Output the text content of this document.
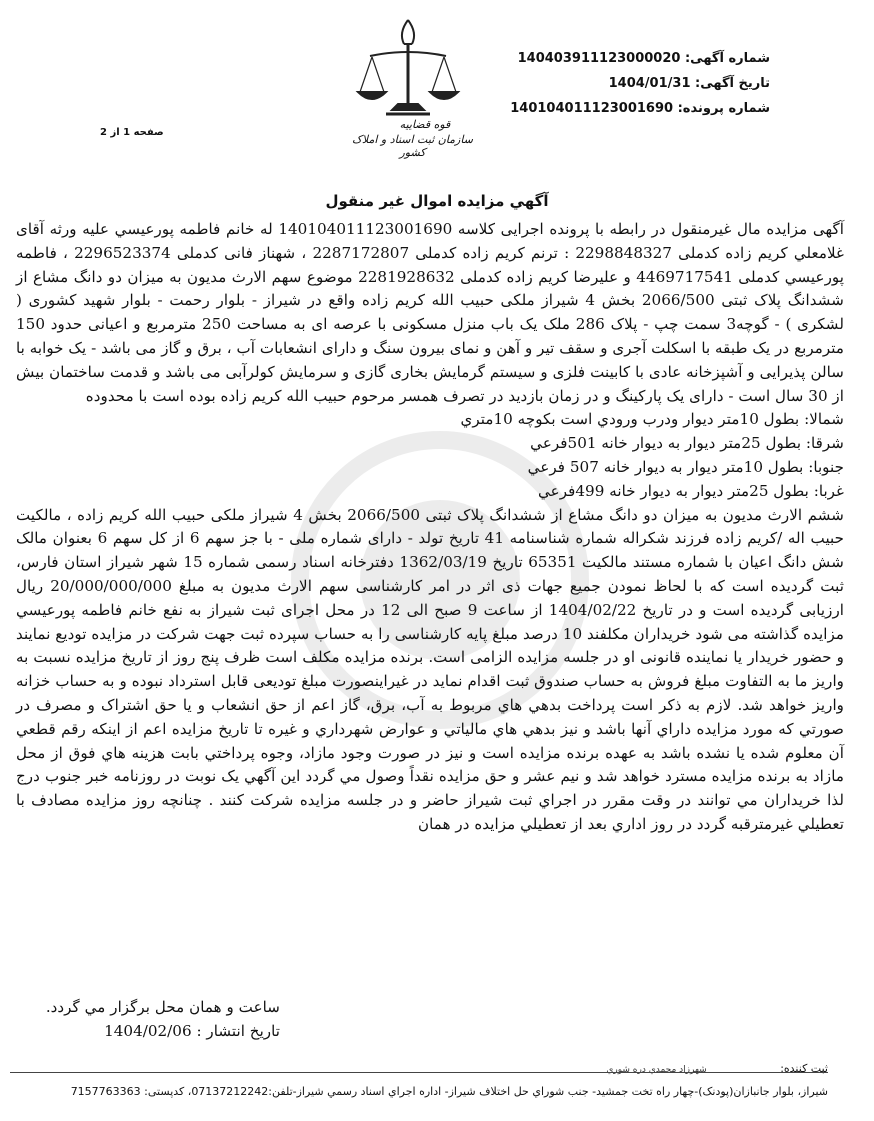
شماره آگهی: 140403911123000020
تاریخ آگهی: 1404/01/31
شماره پرونده: 140104011123001690
قوه قضاییه
سازمان ثبت اسناد و املاک کشور
صفحه 1 از 2
آگهي مزايده اموال غير منقول

آگهی مزایده مال غیرمنقول در رابطه با پرونده اجرایی کلاسه 140104011123001690 له خانم فاطمه پورعیسي علیه ورثه آقای غلامعلي کریم زاده کدملی 2298848327 : ترنم کریم زاده کدملی 2287172807 ، شهناز فانی کدملی 2296523374 ، فاطمه پورعیسي کدملی 4469717541 و علیرضا کریم زاده کدملی 2281928632 موضوع سهم الارث مدیون به میزان دو دانگ مشاع از ششدانگ پلاک ثبتی 2066/500 بخش 4 شیراز ملکی حبیب الله کریم زاده واقع در شیراز - بلوار رحمت - بلوار شهید کشوری ( لشکری ) - گوچه3 سمت چپ - پلاک 286 ملک یک باب منزل مسکونی با عرصه ای به مساحت 250 مترمربع و اعیانی حدود 150 مترمربع در یک طبقه با اسکلت آجری و سقف تیر و آهن و نمای بیرون سنگ و دارای انشعابات آب ، برق و گاز می باشد - یک خوابه با سالن پذیرایی و آشپزخانه عادی با کابینت فلزی و سیستم گرمایش بخاری گازی و سرمایش کولرآبی می باشد و قدمت ساختمان بیش از 30 سال است - دارای یک پارکینگ و در زمان بازدید در تصرف همسر مرحوم حبیب الله کریم زاده بوده است با محدوده

شمالا: بطول 10متر ديوار ودرب ورودي است بكوچه 10متري

شرقا: بطول 25متر ديوار به ديوار خانه 501فرعي

جنوبا: بطول 10متر ديوار به ديوار خانه 507 فرعي

غربا: بطول 25متر ديوار به ديوار خانه 499فرعي

ششم الارث مدیون به میزان دو دانگ مشاع از ششدانگ پلاک ثبتی 2066/500 بخش 4 شیراز ملکی حبیب الله کریم زاده ، مالکیت حبیب اله /کریم زاده فرزند شکراله شماره شناسنامه 41 تاریخ تولد - دارای شماره ملی - با جز سهم 6 از کل سهم 6 بعنوان مالک شش دانگ اعیان با شماره مستند مالکیت 65351 تاریخ 1362/03/19 دفترخانه اسناد رسمی شماره 15 شهر شیراز استان فارس، ثبت گردیده است که با لحاظ نمودن جمیع جهات ذی اثر در امر کارشناسی سهم الارث مدیون به مبلغ 20/000/000/000 ریال ارزیابی گردیده است و در تاریخ 1404/02/22 از ساعت 9 صبح الی 12 در محل اجرای ثبت شیراز به نفع خانم فاطمه پورعیسي مزایده گذاشته می شود خریداران مکلفند 10 درصد مبلغ پایه کارشناسی را به حساب سپرده ثبت جهت شرکت در مزایده تودیع نمایند و حضور خریدار یا نماینده قانونی او در جلسه مزایده الزامی است. برنده مزایده مکلف است ظرف پنج روز از تاریخ مزایده نسبت به واریز ما به التفاوت مبلغ فروش به حساب صندوق ثبت اقدام نماید در غیراینصورت مبلغ تودیعی قابل استرداد نبوده و به حساب خزانه واریز خواهد شد. لازم به ذكر است پرداخت بدهي هاي مربوط به آب، برق، گاز اعم از حق انشعاب و يا حق اشتراک و مصرف در صورتي كه مورد مزايده داراي آنها باشد و نيز بدهي هاي مالياتي و عوارض شهرداري و غيره تا تاريخ مزايده اعم از اينكه رقم قطعي آن معلوم شده يا نشده باشد به عهده برنده مزايده است و نيز در صورت وجود مازاد، وجوه پرداختي بابت هزينه هاي فوق از محل مازاد به برنده مزايده مسترد خواهد شد و نيم عشر و حق مزايده نقداً وصول مي گردد اين آگهي يک نوبت در روزنامه خبر جنوب درج لذا خريداران مي توانند در وقت مقرر در اجراي ثبت شيراز حاضر و در جلسه مزايده شركت كنند . چنانچه روز مزايده مصادف با تعطيلي غيرمترقبه گردد در روز اداري بعد از تعطيلي مزايده در همان

ساعت و همان محل برگزار مي گردد.
تاریخ انتشار : 1404/02/06
ثبت کننده: شهرزاد محمدي دره شوري
شیراز، بلوار جانبازان(پودنک)-چهار راه تخت جمشید- جنب شوراي حل اختلاف شيراز- اداره اجراي اسناد رسمي شيراز-تلفن:07137212242، کدپستی: 7157763363
